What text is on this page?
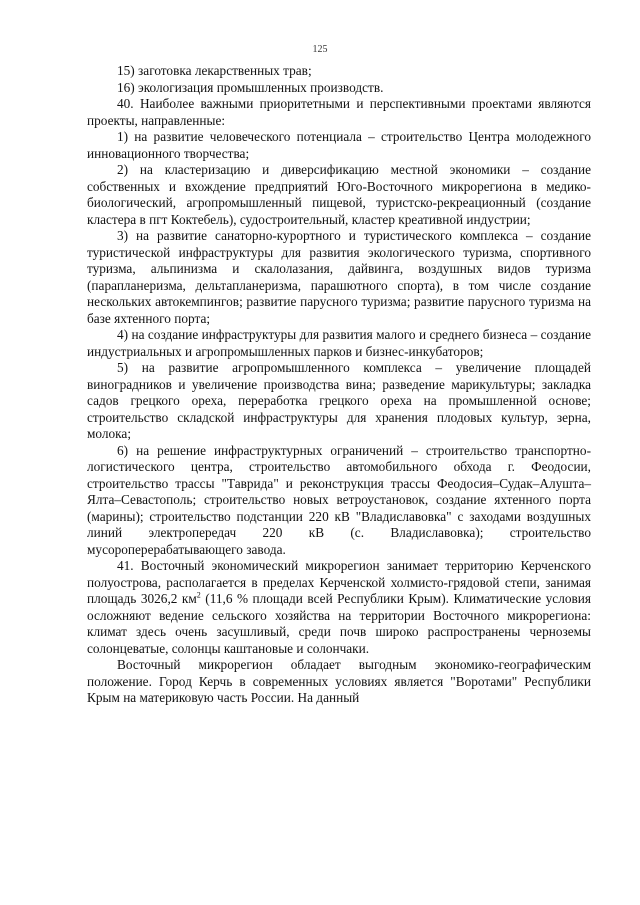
125

15) заготовка лекарственных трав;

16) экологизация промышленных производств.

40. Наиболее важными приоритетными и перспективными проектами являются проекты, направленные:

1) на развитие человеческого потенциала – строительство Центра молодежного инновационного творчества;

2) на кластеризацию и диверсификацию местной экономики – создание собственных и вхождение предприятий Юго-Восточного микрорегиона в медико-биологический, агропромышленный пищевой, туристско-рекреационный (создание кластера в пгт Коктебель), судостроительный, кластер креативной индустрии;

3) на развитие санаторно-курортного и туристического комплекса – создание туристической инфраструктуры для развития экологического туризма, спортивного туризма, альпинизма и скалолазания, дайвинга, воздушных видов туризма (парапланеризма, дельтапланеризма, парашютного спорта), в том числе создание нескольких автокемпингов; развитие парусного туризма; развитие парусного туризма на базе яхтенного порта;

4) на создание инфраструктуры для развития малого и среднего бизнеса – создание индустриальных и агропромышленных парков и бизнес-инкубаторов;

5) на развитие агропромышленного комплекса – увеличение площадей виноградников и увеличение производства вина; разведение марикультуры; закладка садов грецкого ореха, переработка грецкого ореха на промышленной основе; строительство складской инфраструктуры для хранения плодовых культур, зерна, молока;

6) на решение инфраструктурных ограничений – строительство транспортно-логистического центра, строительство автомобильного обхода г. Феодосии, строительство трассы "Таврида" и реконструкция трассы Феодосия–Судак–Алушта–Ялта–Севастополь; строительство новых ветроустановок, создание яхтенного порта (марины); строительство подстанции 220 кВ "Владиславовка" с заходами воздушных линий электропередач 220 кВ (с. Владиславовка); строительство мусороперерабатывающего завода.

41. Восточный экономический микрорегион занимает территорию Керченского полуострова, располагается в пределах Керченской холмисто-грядовой степи, занимая площадь 3026,2 $км^2$ (11,6 % площади всей Республики Крым). Климатические условия осложняют ведение сельского хозяйства на территории Восточного микрорегиона: климат здесь очень засушливый, среди почв широко распространены черноземы солонцеватые, солонцы каштановые и солончаки.

Восточный микрорегион обладает выгодным экономико-географическим положение. Город Керчь в современных условиях является "Воротами" Республики Крым на материковую часть России. На данный
